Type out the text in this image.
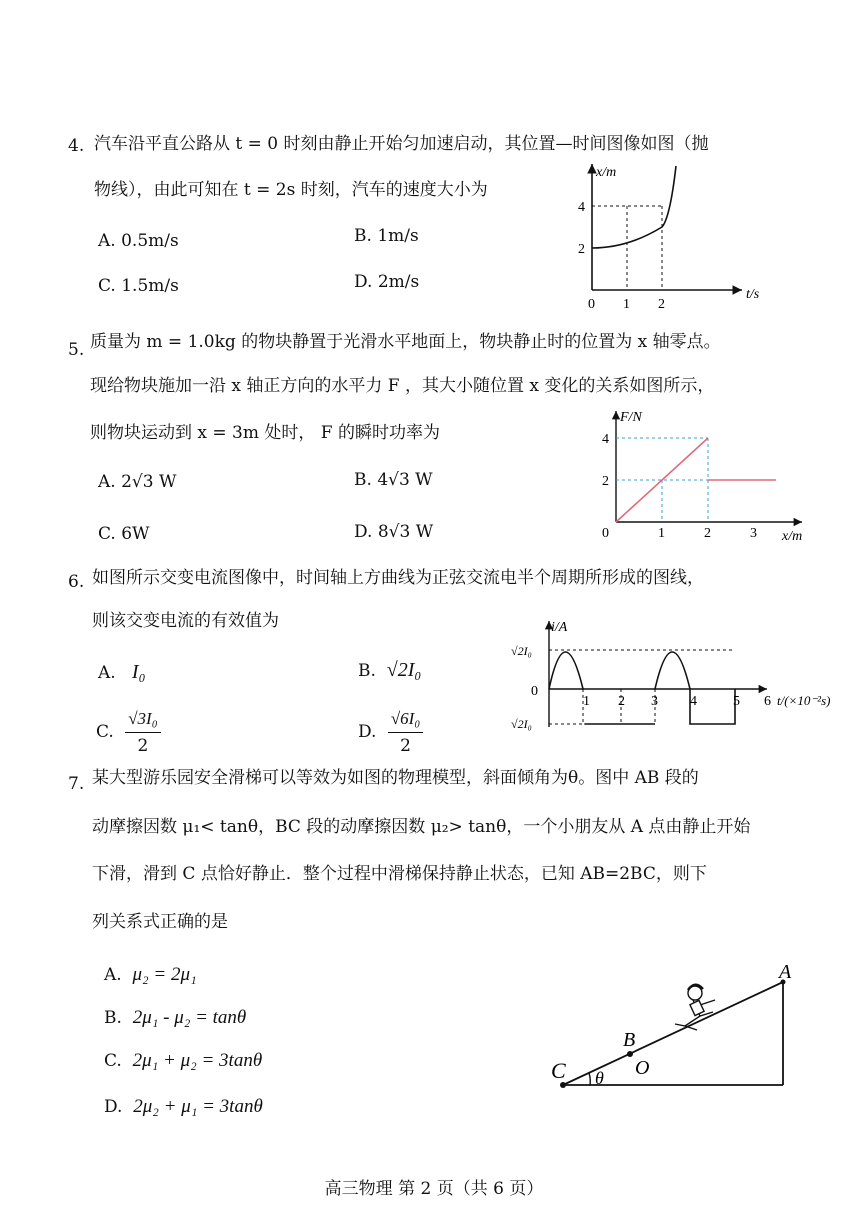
4. 汽车沿平直公路从 t = 0 时刻由静止开始匀加速启动，其位置—时间图像如图（抛
物线），由此可知在 t = 2s 时刻，汽车的速度大小为
A. 0.5m/s	B. 1m/s
C. 1.5m/s	D. 2m/s
x/m
t/s
4
2
0 1 2
5. 质量为 m = 1.0kg 的物块静置于光滑水平地面上，物块静止时的位置为 x 轴零点。
现给物块施加一沿 x 轴正方向的水平力 F ，其大小随位置 x 变化的关系如图所示，
则物块运动到 x = 3m 处时， F 的瞬时功率为
A. 2√3 W	B. 4√3 W
C. 6W	D. 8√3 W
F/N
x/m
4
2
0	1	2	3
6. 如图所示交变电流图像中，时间轴上方曲线为正弦交流电半个周期所形成的图线，
则该交变电流的有效值为
A. I₀	B. √2I₀
C. $\frac{\text{√3I₀}}{2}$	D. $\frac{\text{√6I₀}}{2}$
i/A
√2I₀
0
√2I₀
1 2 3 4	5 6 t/(×10⁻²s)
7. 某大型游乐园安全滑梯可以等效为如图的物理模型，斜面倾角为θ。图中 AB 段的
动摩擦因数 μ₁< tanθ，BC 段的动摩擦因数 μ₂> tanθ，一个小朋友从 A 点由静止开始
下滑，滑到 C 点恰好静止．整个过程中滑梯保持静止状态，已知 AB=2BC，则下
列关系式正确的是
A. μ₂ = 2μ₁
B. 2μ₁ - μ₂ = tanθ
C. 2μ₁ + μ₂ = 3tanθ
D. 2μ₂ + μ₁ = 3tanθ
A
B
O
C θ
高三物理 第 2 页（共 6 页）
